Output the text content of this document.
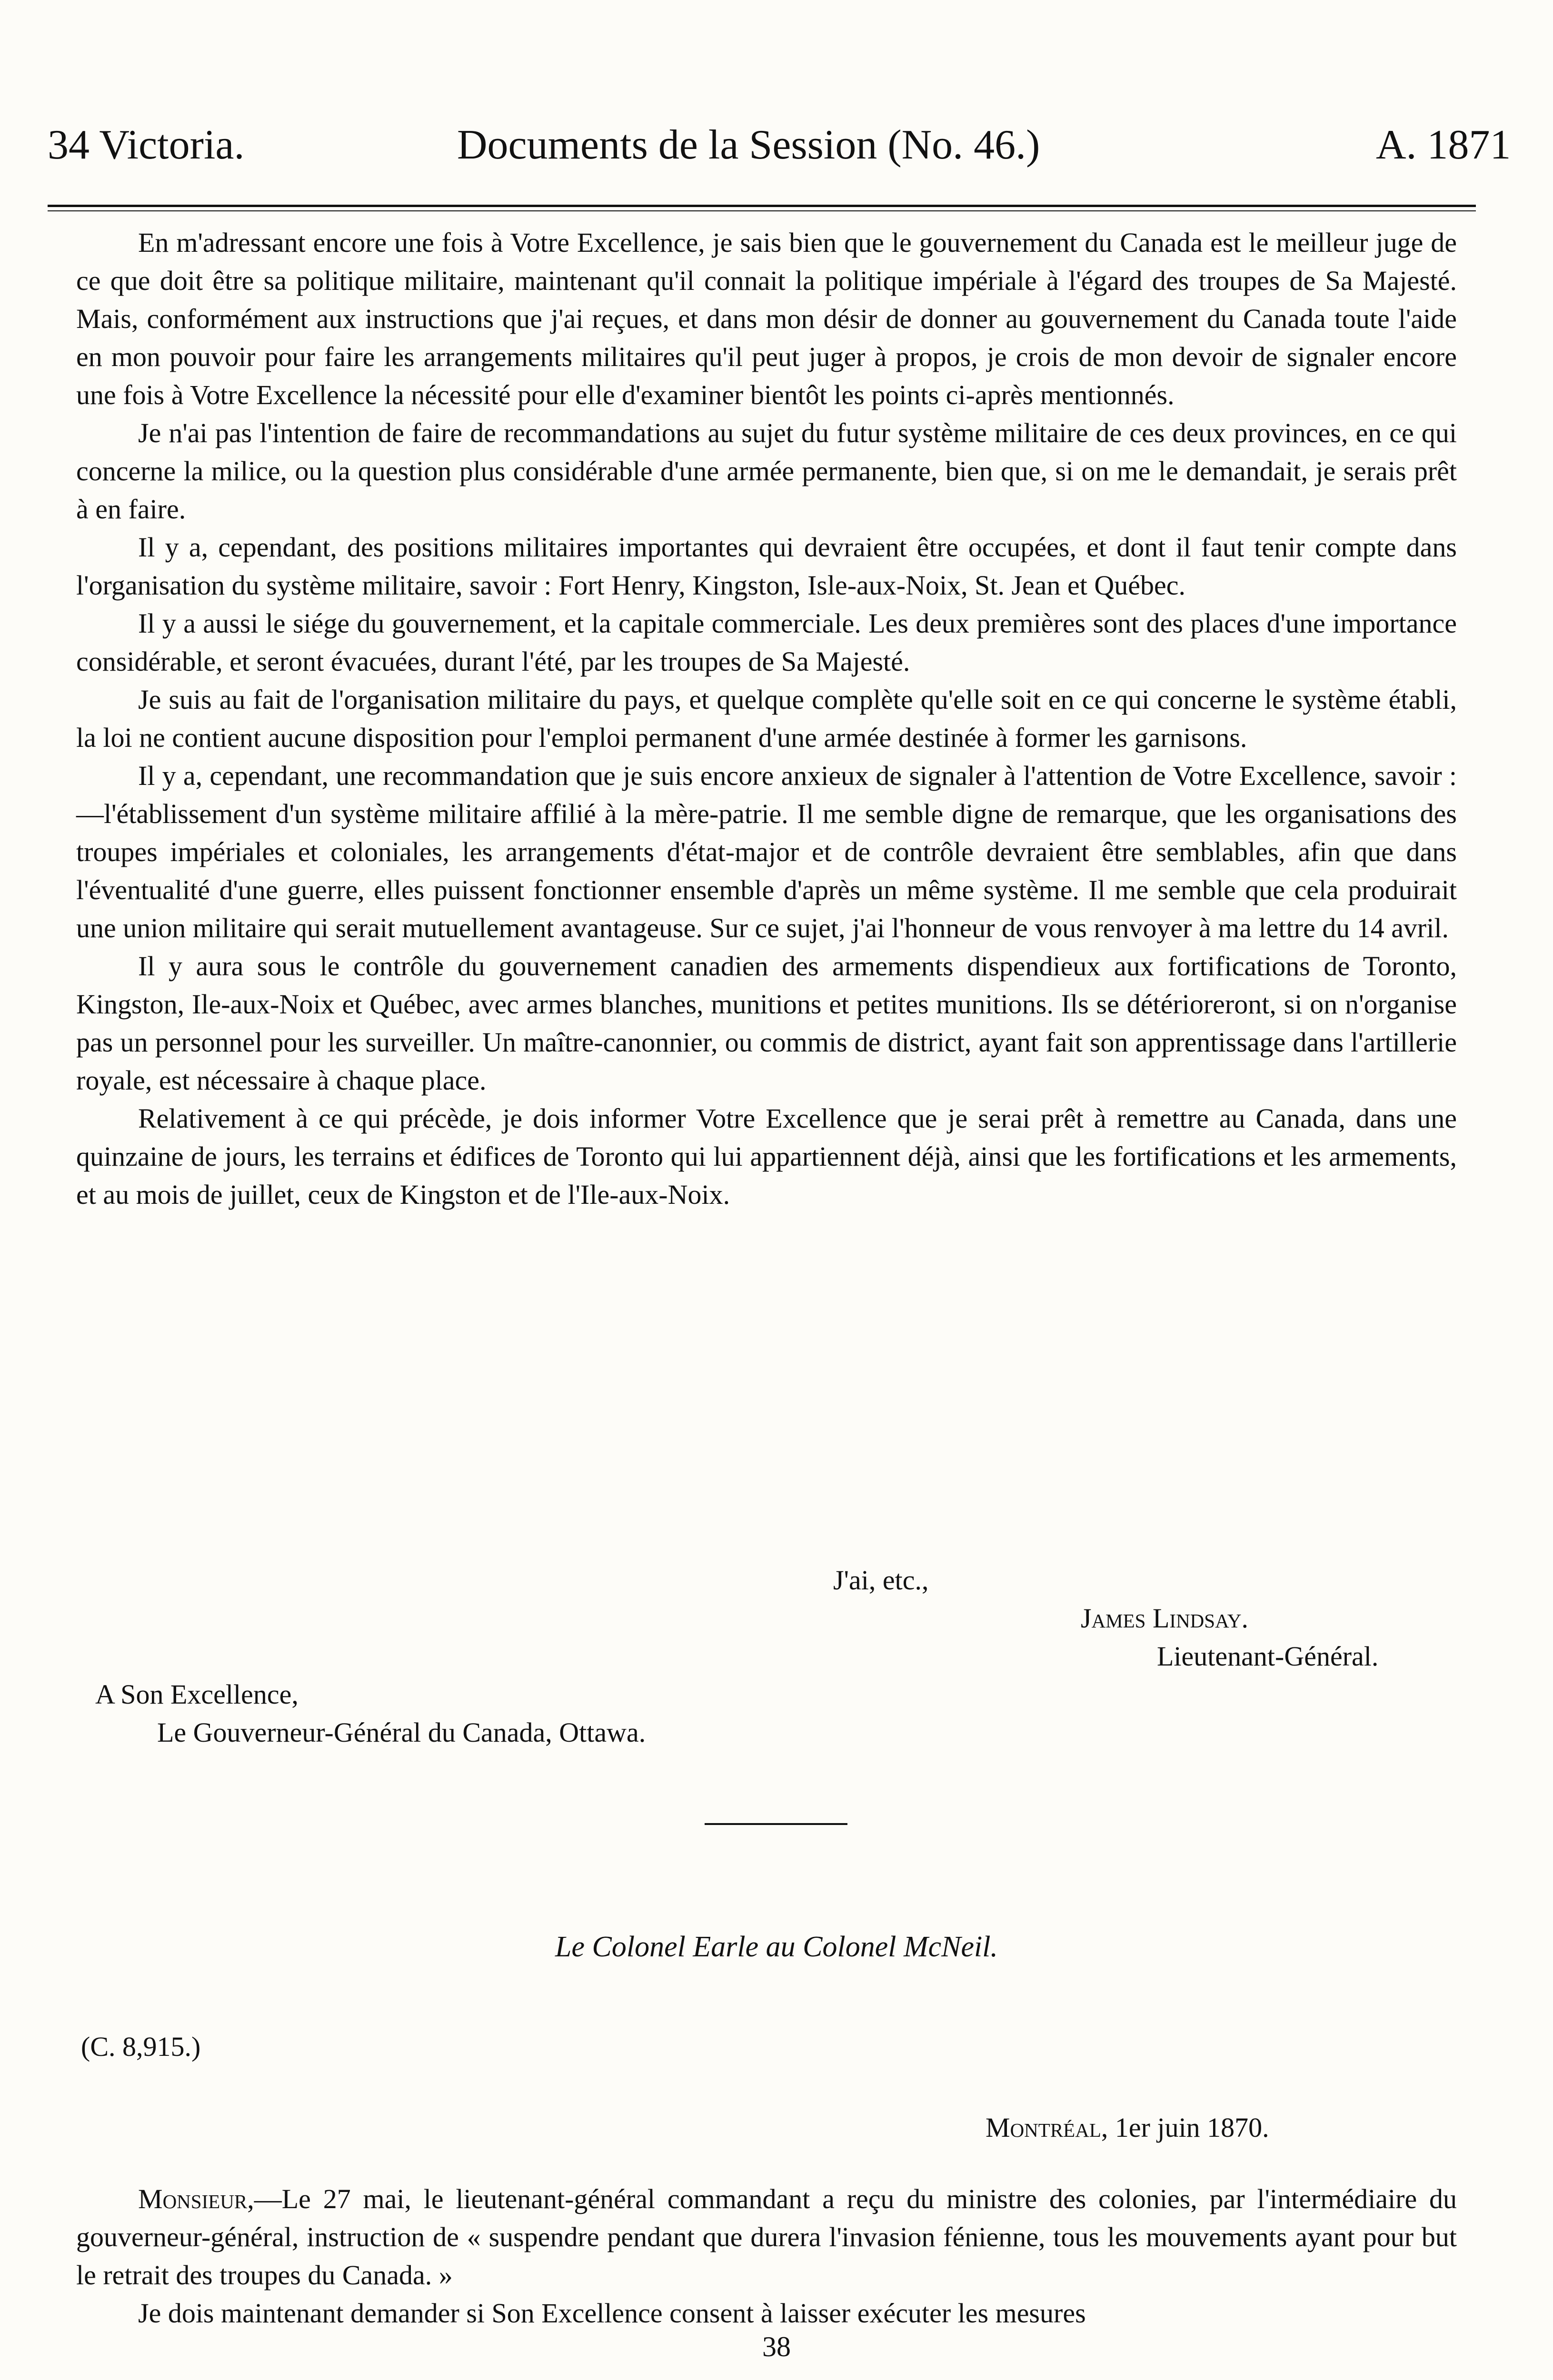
34 Victoria.	Documents de la Session (No. 46.)	A. 1871

En m'adressant encore une fois à Votre Excellence, je sais bien que le gouvernement du Canada est le meilleur juge de ce que doit être sa politique militaire, maintenant qu'il connait la politique impériale à l'égard des troupes de Sa Majesté. Mais, conformément aux instructions que j'ai reçues, et dans mon désir de donner au gouvernement du Canada toute l'aide en mon pouvoir pour faire les arrangements militaires qu'il peut juger à propos, je crois de mon devoir de signaler encore une fois à Votre Excellence la nécessité pour elle d'examiner bientôt les points ci-après mentionnés.

Je n'ai pas l'intention de faire de recommandations au sujet du futur système militaire de ces deux provinces, en ce qui concerne la milice, ou la question plus considérable d'une armée permanente, bien que, si on me le demandait, je serais prêt à en faire.

Il y a, cependant, des positions militaires importantes qui devraient être occupées, et dont il faut tenir compte dans l'organisation du système militaire, savoir : Fort Henry, Kingston, Isle-aux-Noix, St. Jean et Québec.

Il y a aussi le siége du gouvernement, et la capitale commerciale. Les deux premières sont des places d'une importance considérable, et seront évacuées, durant l'été, par les troupes de Sa Majesté.

Je suis au fait de l'organisation militaire du pays, et quelque complète qu'elle soit en ce qui concerne le système établi, la loi ne contient aucune disposition pour l'emploi permanent d'une armée destinée à former les garnisons.

Il y a, cependant, une recommandation que je suis encore anxieux de signaler à l'attention de Votre Excellence, savoir :—l'établissement d'un système militaire affilié à la mère-patrie. Il me semble digne de remarque, que les organisations des troupes impériales et coloniales, les arrangements d'état-major et de contrôle devraient être semblables, afin que dans l'éventualité d'une guerre, elles puissent fonctionner ensemble d'après un même système. Il me semble que cela produirait une union militaire qui serait mutuellement avantageuse. Sur ce sujet, j'ai l'honneur de vous renvoyer à ma lettre du 14 avril.

Il y aura sous le contrôle du gouvernement canadien des armements dispendieux aux fortifications de Toronto, Kingston, Ile-aux-Noix et Québec, avec armes blanches, munitions et petites munitions. Ils se détérioreront, si on n'organise pas un personnel pour les surveiller. Un maître-canonnier, ou commis de district, ayant fait son apprentissage dans l'artillerie royale, est nécessaire à chaque place.

Relativement à ce qui précède, je dois informer Votre Excellence que je serai prêt à remettre au Canada, dans une quinzaine de jours, les terrains et édifices de Toronto qui lui appartiennent déjà, ainsi que les fortifications et les armements, et au mois de juillet, ceux de Kingston et de l'Ile-aux-Noix.

J'ai, etc.,
James Lindsay.
Lieutenant-Général.
A Son Excellence,
Le Gouverneur-Général du Canada, Ottawa.
Le Colonel Earle au Colonel McNeil.
(C. 8,915.)
Montréal, 1er juin 1870.

Monsieur,—Le 27 mai, le lieutenant-général commandant a reçu du ministre des colonies, par l'intermédiaire du gouverneur-général, instruction de « suspendre pendant que durera l'invasion fénienne, tous les mouvements ayant pour but le retrait des troupes du Canada. »

Je dois maintenant demander si Son Excellence consent à laisser exécuter les mesures

38
